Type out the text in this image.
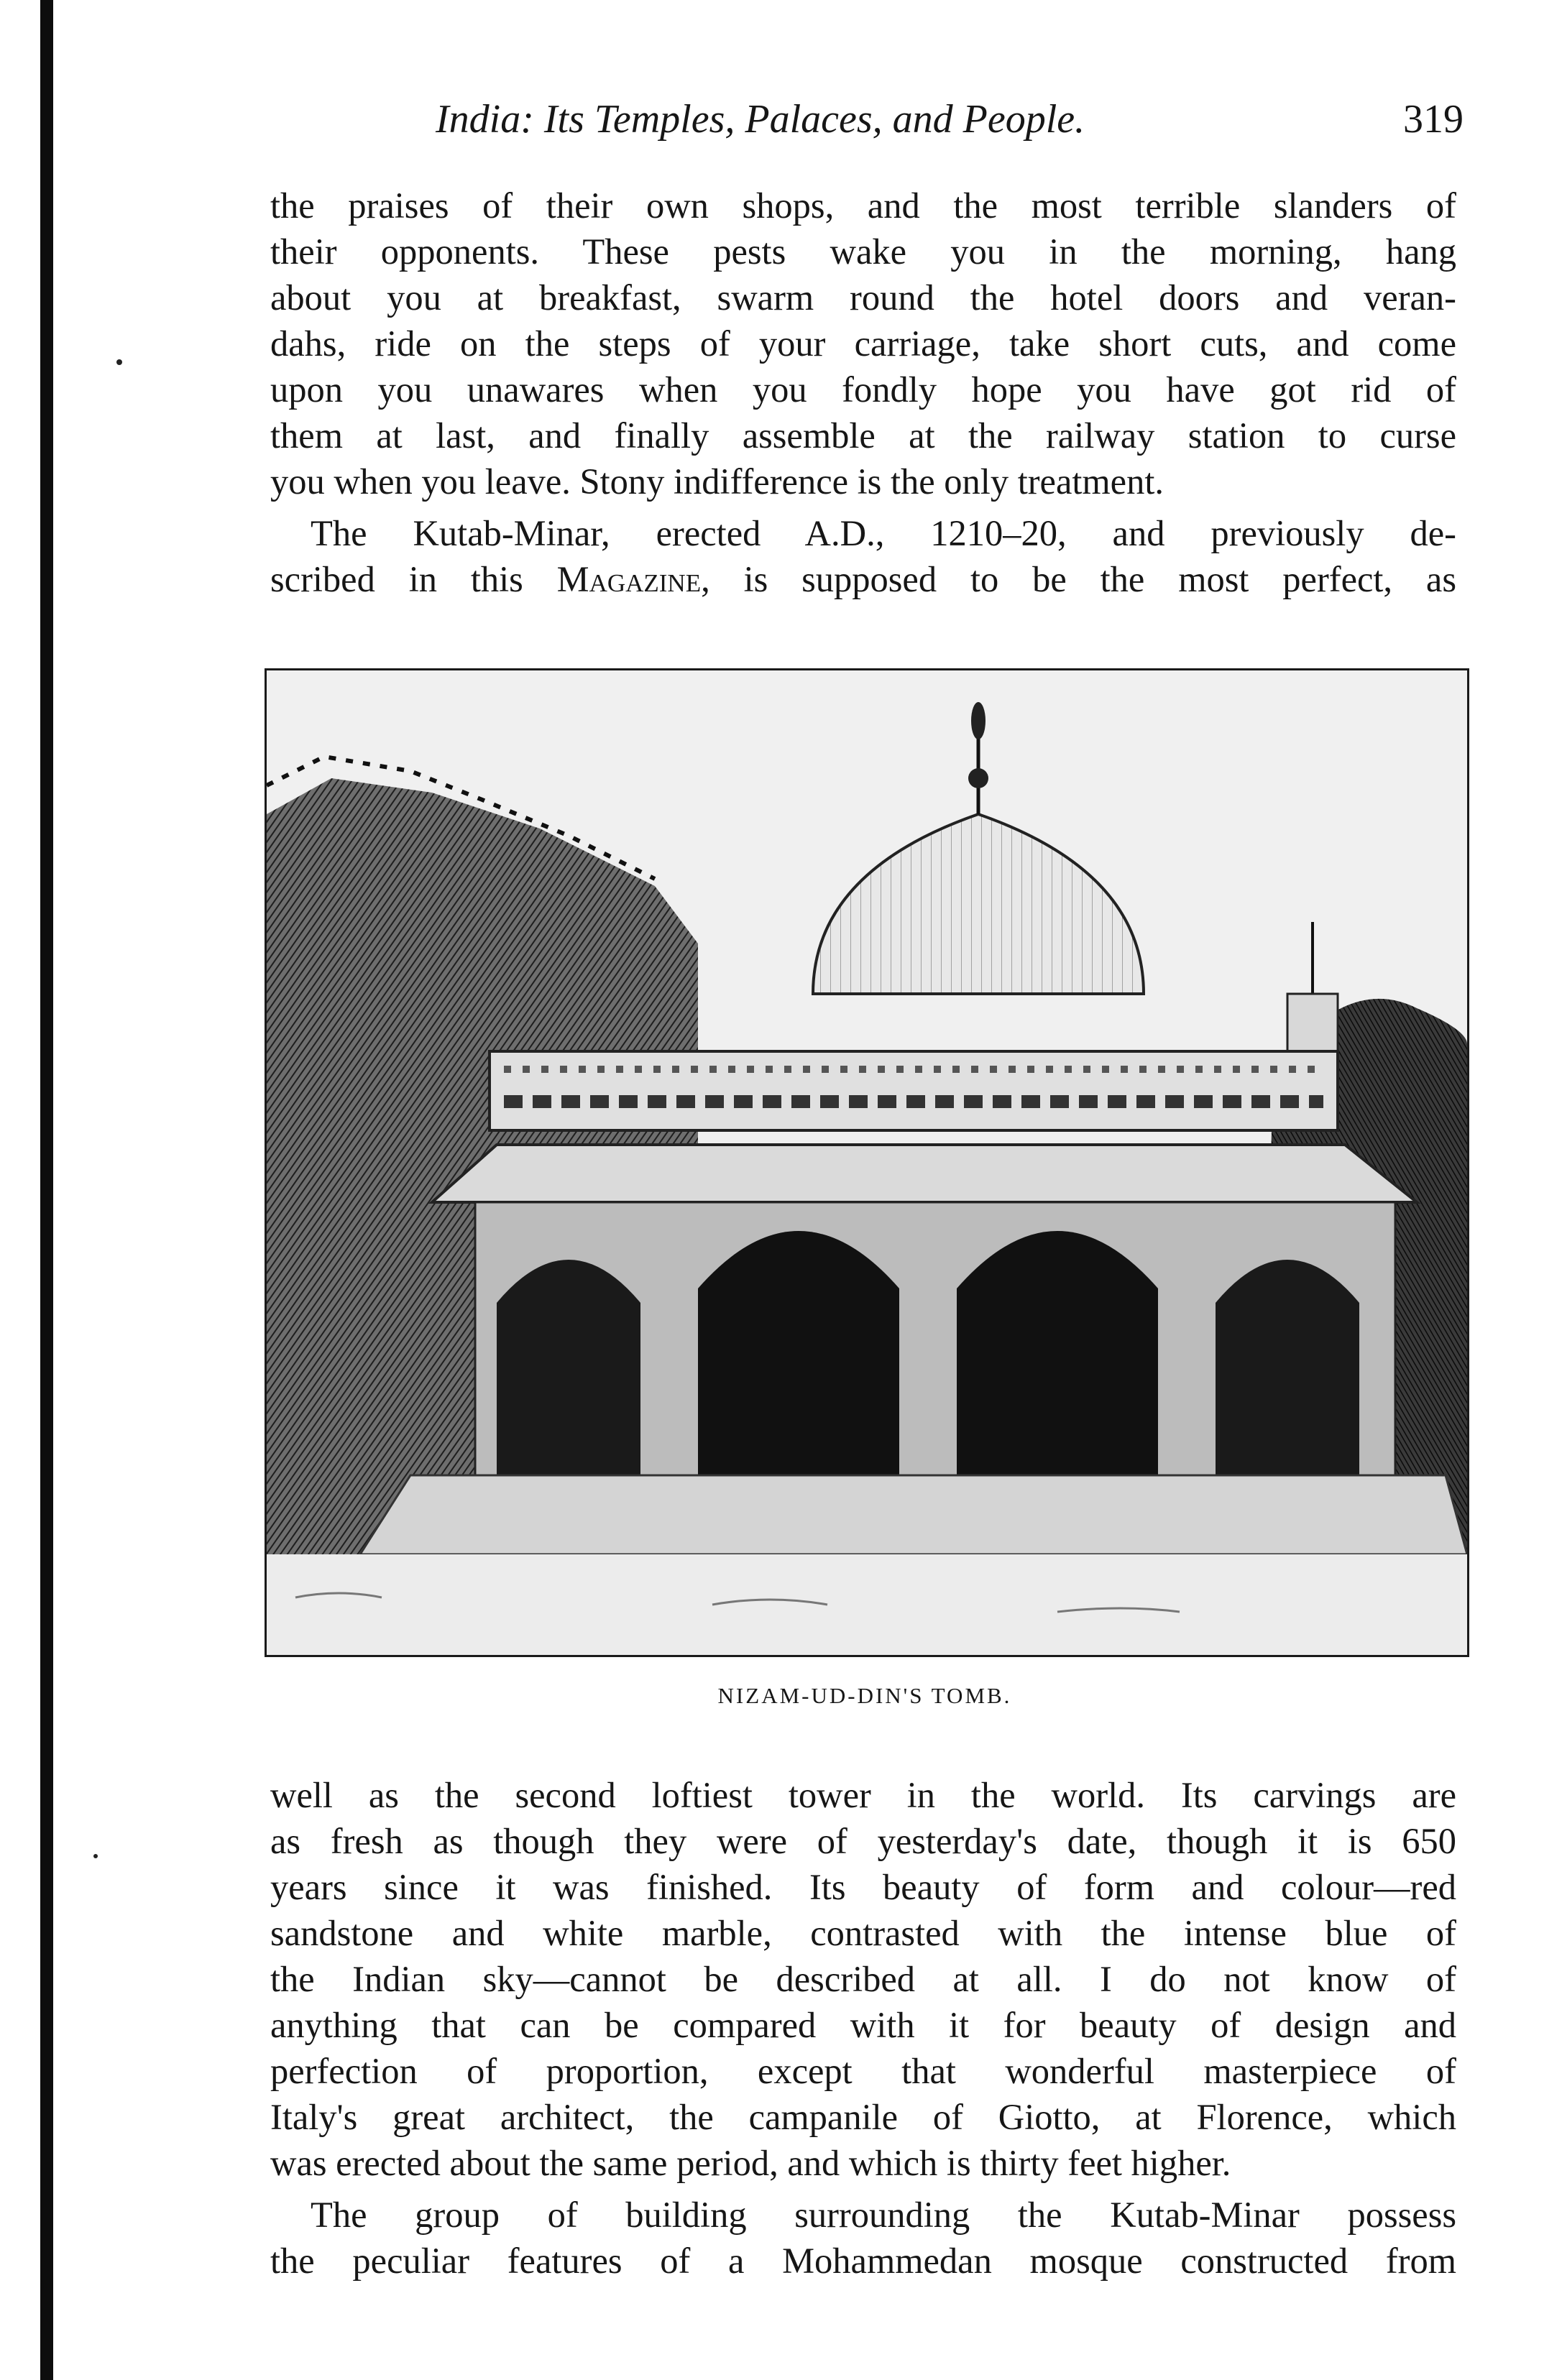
India: Its Temples, Palaces, and People.	319

the praises of their own shops, and the most terrible slanders of

their opponents. These pests wake you in the morning, hang

about you at breakfast, swarm round the hotel doors and veran-

dahs, ride on the steps of your carriage, take short cuts, and come

upon you unawares when you fondly hope you have got rid of

them at last, and finally assemble at the railway station to curse

you when you leave. Stony indifference is the only treatment.

The Kutab-Minar, erected A.D., 1210–20, and previously de-

scribed in this Magazine, is supposed to be the most perfect, as

NIZAM-UD-DIN'S TOMB.

well as the second loftiest tower in the world. Its carvings are

as fresh as though they were of yesterday's date, though it is 650

years since it was finished. Its beauty of form and colour—red

sandstone and white marble, contrasted with the intense blue of

the Indian sky—cannot be described at all. I do not know of

anything that can be compared with it for beauty of design and

perfection of proportion, except that wonderful masterpiece of

Italy's great architect, the campanile of Giotto, at Florence, which

was erected about the same period, and which is thirty feet higher.

The group of building surrounding the Kutab-Minar possess

the peculiar features of a Mohammedan mosque constructed from
